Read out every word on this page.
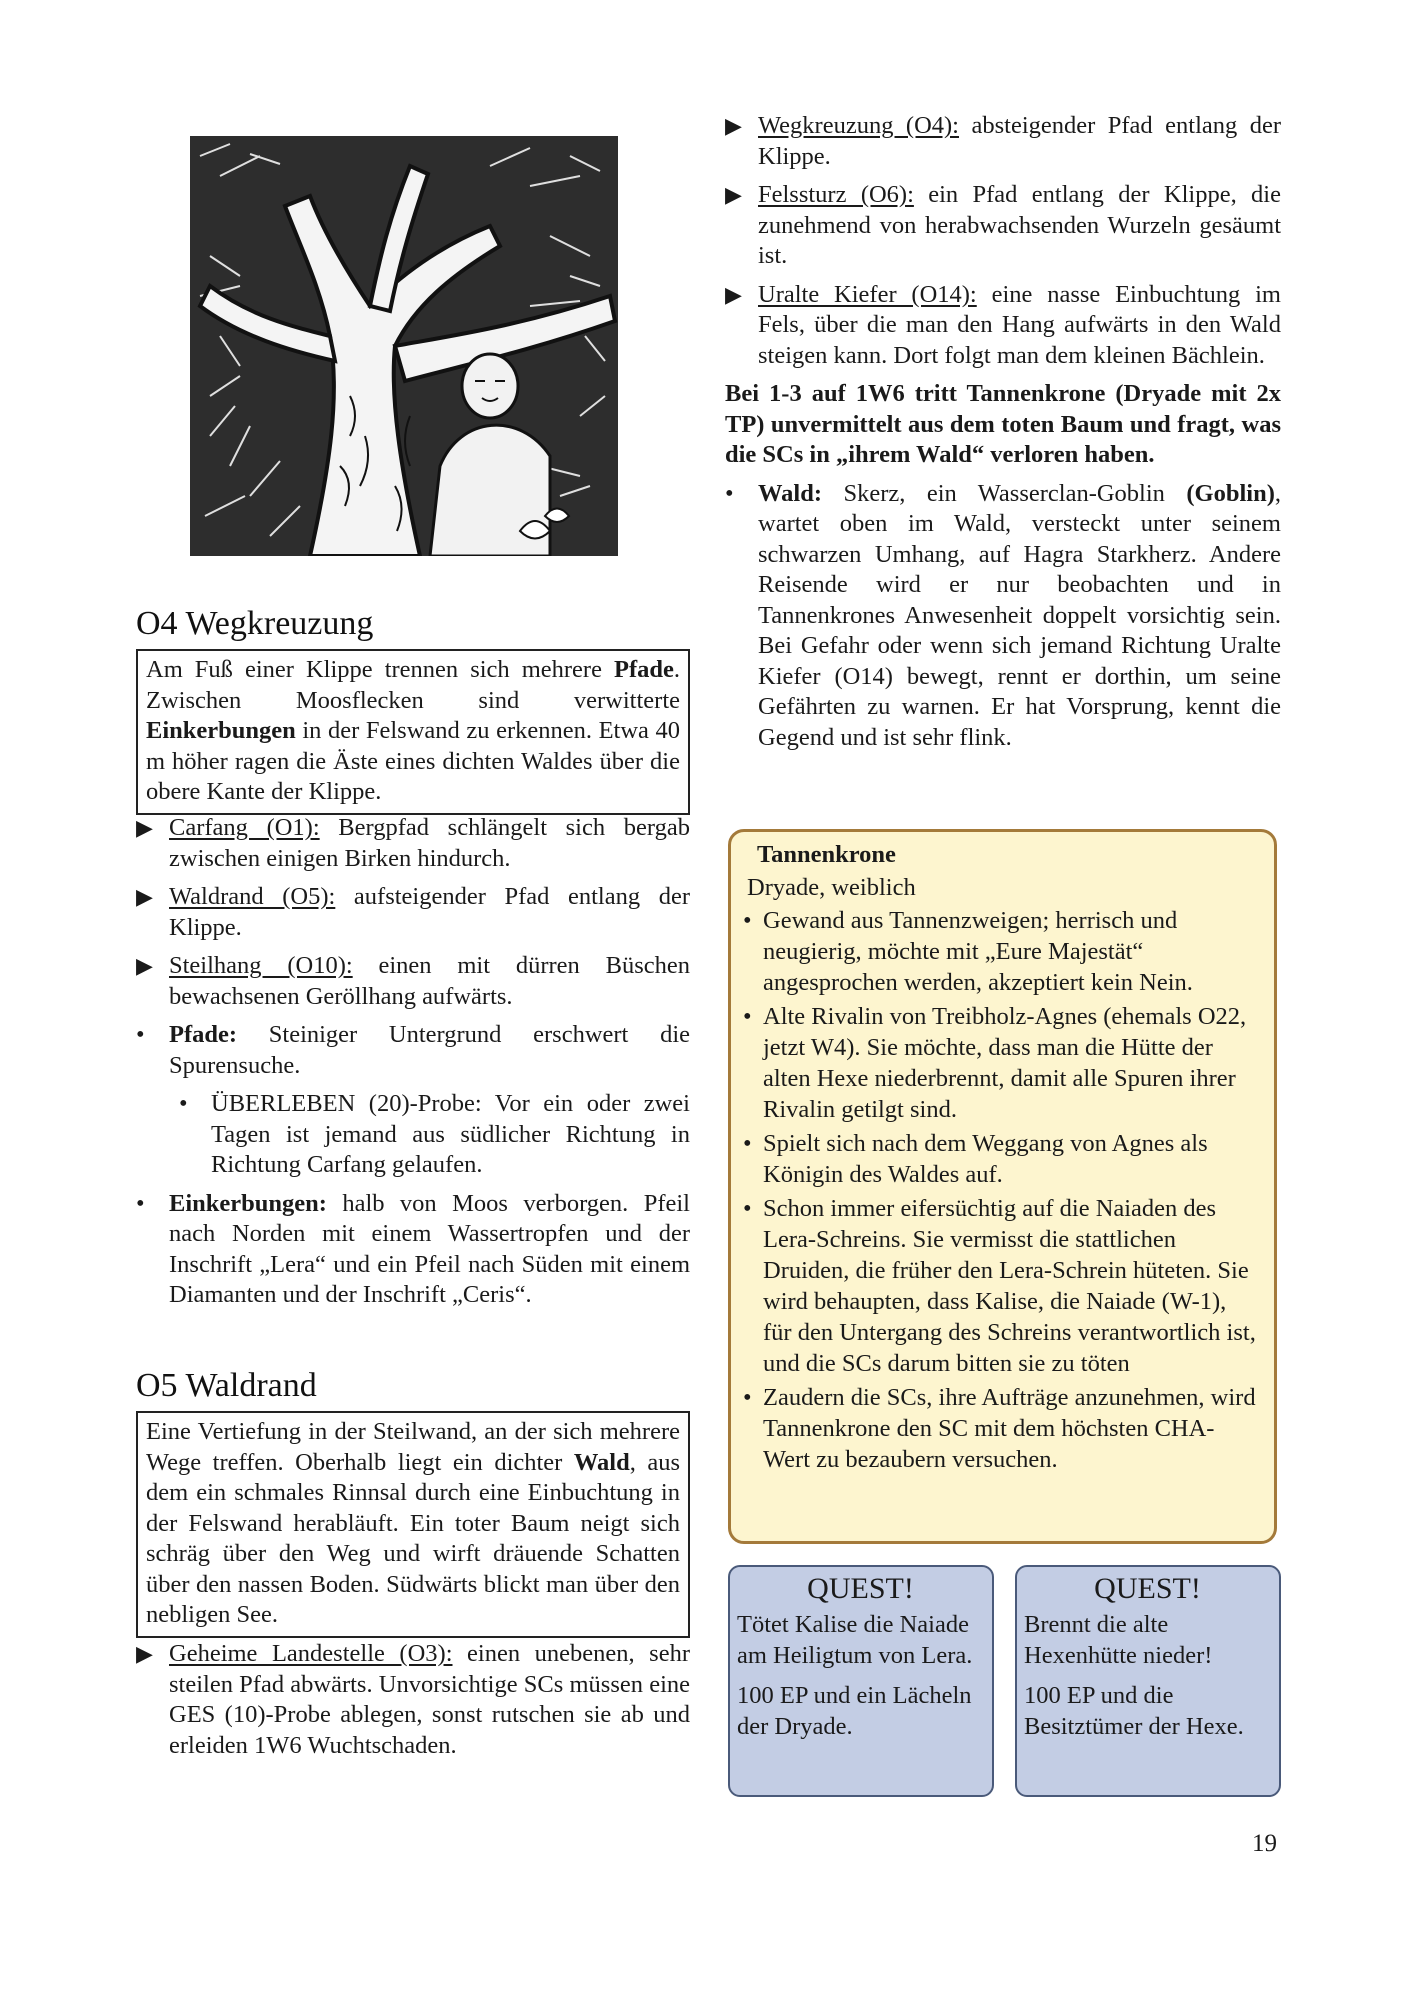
O4 Wegkreuzung
Am Fuß einer Klippe trennen sich mehrere Pfade. Zwischen Moosflecken sind verwitterte Einkerbungen in der Felswand zu erkennen. Etwa 40 m höher ragen die Äste eines dichten Waldes über die obere Kante der Klippe.
▶ Carfang (O1): Bergpfad schlängelt sich bergab zwischen einigen Birken hindurch.
▶ Waldrand (O5): aufsteigender Pfad entlang der Klippe.
▶ Steilhang (O10): einen mit dürren Büschen bewachsenen Geröllhang aufwärts.
• Pfade: Steiniger Untergrund erschwert die Spurensuche.
• ÜBERLEBEN (20)-Probe: Vor ein oder zwei Tagen ist jemand aus südlicher Richtung in Richtung Carfang gelaufen.
• Einkerbungen: halb von Moos verborgen. Pfeil nach Norden mit einem Wassertropfen und der Inschrift „Lera“ und ein Pfeil nach Süden mit einem Diamanten und der Inschrift „Ceris“.
O5 Waldrand
Eine Vertiefung in der Steilwand, an der sich mehrere Wege treffen. Oberhalb liegt ein dichter Wald, aus dem ein schmales Rinnsal durch eine Einbuchtung in der Felswand herabläuft. Ein toter Baum neigt sich schräg über den Weg und wirft dräuende Schatten über den nassen Boden. Südwärts blickt man über den nebligen See.
▶ Geheime Landestelle (O3): einen unebenen, sehr steilen Pfad abwärts. Unvorsichtige SCs müssen eine GES (10)-Probe ablegen, sonst rutschen sie ab und erleiden 1W6 Wuchtschaden.
▶ Wegkreuzung (O4): absteigender Pfad entlang der Klippe.
▶ Felssturz (O6): ein Pfad entlang der Klippe, die zunehmend von herabwachsenden Wurzeln gesäumt ist.
▶ Uralte Kiefer (O14): eine nasse Einbuchtung im Fels, über die man den Hang aufwärts in den Wald steigen kann. Dort folgt man dem kleinen Bächlein.

Bei 1-3 auf 1W6 tritt Tannenkrone (Dryade mit 2x TP) unvermittelt aus dem toten Baum und fragt, was die SCs in „ihrem Wald“ verloren haben.

• Wald: Skerz, ein Wasserclan-Goblin (Goblin), wartet oben im Wald, versteckt unter seinem schwarzen Umhang, auf Hagra Starkherz. Andere Reisende wird er nur beobachten und in Tannenkrones Anwesenheit doppelt vorsichtig sein. Bei Gefahr oder wenn sich jemand Richtung Uralte Kiefer (O14) bewegt, rennt er dorthin, um seine Gefährten zu warnen. Er hat Vorsprung, kennt die Gegend und ist sehr flink.
Tannenkrone
Dryade, weiblich
• Gewand aus Tannenzweigen; herrisch und neugierig, möchte mit „Eure Majestät“ angesprochen werden, akzeptiert kein Nein.
• Alte Rivalin von Treibholz-Agnes (ehemals O22, jetzt W4). Sie möchte, dass man die Hütte der alten Hexe niederbrennt, damit alle Spuren ihrer Rivalin getilgt sind.
• Spielt sich nach dem Weggang von Agnes als Königin des Waldes auf.
• Schon immer eifersüchtig auf die Naiaden des Lera-Schreins. Sie vermisst die stattlichen Druiden, die früher den Lera-Schrein hüteten. Sie wird behaupten, dass Kalise, die Naiade (W-1), für den Untergang des Schreins verantwortlich ist, und die SCs darum bitten sie zu töten
• Zaudern die SCs, ihre Aufträge anzunehmen, wird Tannenkrone den SC mit dem höchsten CHA-Wert zu bezaubern versuchen.
QUEST!

Tötet Kalise die Naiade am Heiligtum von Lera.

100 EP und ein Lächeln der Dryade.

QUEST!

Brennt die alte Hexenhütte nieder!

100 EP und die Besitztümer der Hexe.

19
